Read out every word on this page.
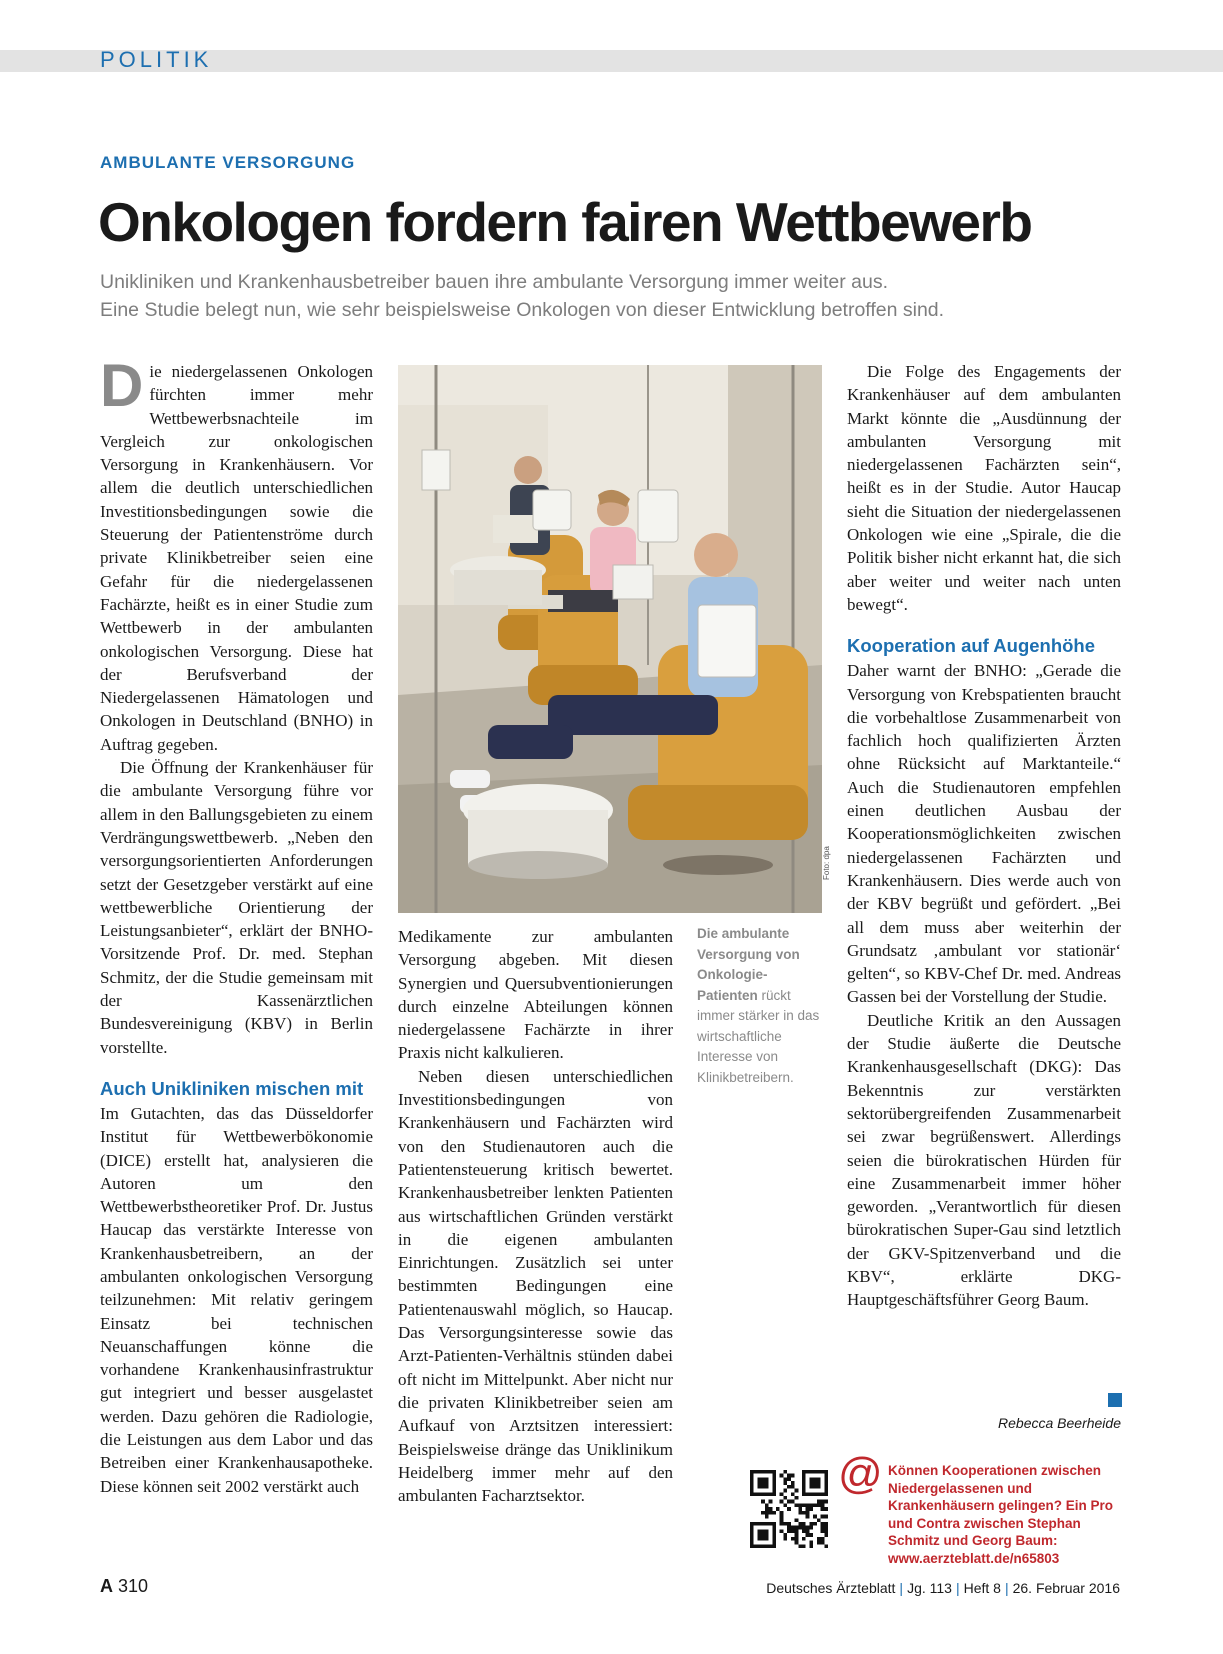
POLITIK
AMBULANTE VERSORGUNG
Onkologen fordern fairen Wettbewerb
Unikliniken und Krankenhausbetreiber bauen ihre ambulante Versorgung immer weiter aus.
Eine Studie belegt nun, wie sehr beispielsweise Onkologen von dieser Entwicklung betroffen sind.

Die niedergelassenen Onkologen fürchten immer mehr Wettbewerbsnachteile im Vergleich zur onkologischen Versorgung in Krankenhäusern. Vor allem die deutlich unterschiedlichen Investitionsbedingungen sowie die Steuerung der Patientenströme durch private Klinikbetreiber seien eine Gefahr für die niedergelassenen Fachärzte, heißt es in einer Studie zum Wettbewerb in der ambulanten onkologischen Versorgung. Diese hat der Berufsverband der Niedergelassenen Hämatologen und Onkologen in Deutschland (BNHO) in Auftrag gegeben.

Die Öffnung der Krankenhäuser für die ambulante Versorgung führe vor allem in den Ballungsgebieten zu einem Verdrängungswettbewerb. „Neben den versorgungsorientierten Anforderungen setzt der Gesetzgeber verstärkt auf eine wettbewerbliche Orientierung der Leistungsanbieter“, erklärt der BNHO-Vorsitzende Prof. Dr. med. Stephan Schmitz, der die Studie gemeinsam mit der Kassenärztlichen Bundesvereinigung (KBV) in Berlin vorstellte.

Auch Unikliniken mischen mit

Im Gutachten, das das Düsseldorfer Institut für Wettbewerbökonomie (DICE) erstellt hat, analysieren die Autoren um den Wettbewerbstheoretiker Prof. Dr. Justus Haucap das verstärkte Interesse von Krankenhausbetreibern, an der ambulanten onkologischen Versorgung teilzunehmen: Mit relativ geringem Einsatz bei technischen Neuanschaffungen könne die vorhandene Krankenhausinfrastruktur gut integriert und besser ausgelastet werden. Dazu gehören die Radiologie, die Leistungen aus dem Labor und das Betreiben einer Krankenhausapotheke. Diese können seit 2002 verstärkt auch

Foto: dpa
Die ambulante Versorgung von Onkologie-Patienten rückt immer stärker in das wirtschaftliche Interesse von Klinikbetreibern.

Medikamente zur ambulanten Versorgung abgeben. Mit diesen Synergien und Quersubventionierungen durch einzelne Abteilungen können niedergelassene Fachärzte in ihrer Praxis nicht kalkulieren.

Neben diesen unterschiedlichen Investitionsbedingungen von Krankenhäusern und Fachärzten wird von den Studienautoren auch die Patientensteuerung kritisch bewertet. Krankenhausbetreiber lenkten Patienten aus wirtschaftlichen Gründen verstärkt in die eigenen ambulanten Einrichtungen. Zusätzlich sei unter bestimmten Bedingungen eine Patientenauswahl möglich, so Haucap. Das Versorgungsinteresse sowie das Arzt-Patienten-Verhältnis stünden dabei oft nicht im Mittelpunkt. Aber nicht nur die privaten Klinikbetreiber seien am Aufkauf von Arztsitzen interessiert: Beispielsweise dränge das Uniklinikum Heidelberg immer mehr auf den ambulanten Facharztsektor.

Die Folge des Engagements der Krankenhäuser auf dem ambulanten Markt könnte die „Ausdünnung der ambulanten Versorgung mit niedergelassenen Fachärzten sein“, heißt es in der Studie. Autor Haucap sieht die Situation der niedergelassenen Onkologen wie eine „Spirale, die die Politik bisher nicht erkannt hat, die sich aber weiter und weiter nach unten bewegt“.

Kooperation auf Augenhöhe

Daher warnt der BNHO: „Gerade die Versorgung von Krebspatienten braucht die vorbehaltlose Zusammenarbeit von fachlich hoch qualifizierten Ärzten ohne Rücksicht auf Marktanteile.“ Auch die Studienautoren empfehlen einen deutlichen Ausbau der Kooperationsmöglichkeiten zwischen niedergelassenen Fachärzten und Krankenhäusern. Dies werde auch von der KBV begrüßt und gefördert. „Bei all dem muss aber weiterhin der Grundsatz ‚ambulant vor stationär‘ gelten“, so KBV-Chef Dr. med. Andreas Gassen bei der Vorstellung der Studie.

Deutliche Kritik an den Aussagen der Studie äußerte die Deutsche Krankenhausgesellschaft (DKG): Das Bekenntnis zur verstärkten sektorübergreifenden Zusammenarbeit sei zwar begrüßenswert. Allerdings seien die bürokratischen Hürden für eine Zusammenarbeit immer höher geworden. „Verantwortlich für diesen bürokratischen Super-Gau sind letztlich der GKV-Spitzenverband und die KBV“, erklärte DKG-Hauptgeschäftsführer Georg Baum.

Rebecca Beerheide
@ Können Kooperationen zwischen Niedergelassenen und Krankenhäusern gelingen? Ein Pro und Contra zwischen Stephan Schmitz und Georg Baum: www.aerzteblatt.de/n65803
A 310	Deutsches Ärzteblatt | Jg. 113 | Heft 8 | 26. Februar 2016
